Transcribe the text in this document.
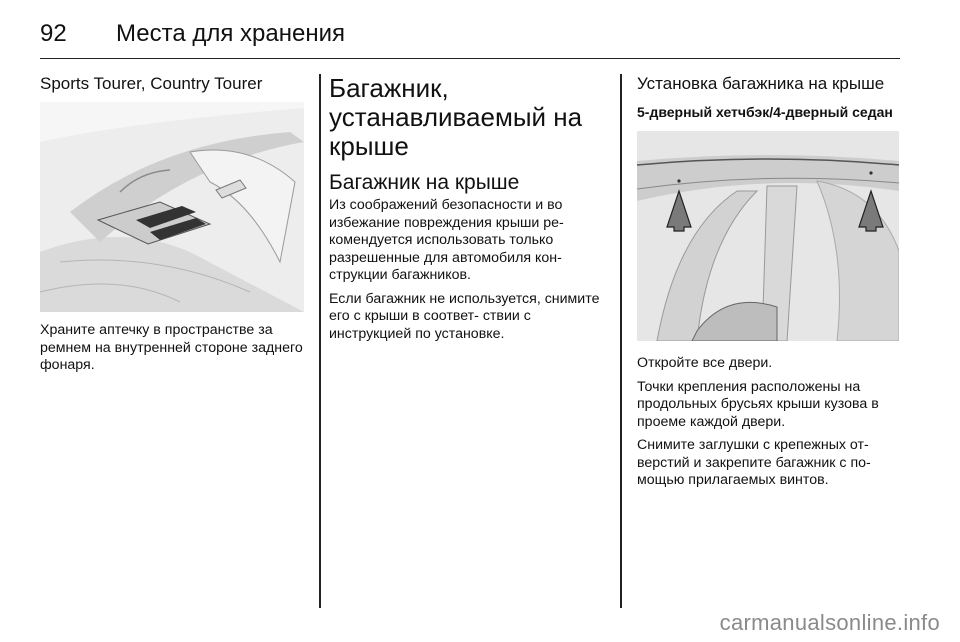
92 Места для хранения
Sports Tourer, Country Tourer

Храните аптечку в пространстве за ремнем на внутренней стороне заднего фонаря.

Багажник, устанавливаемый на крыше
Багажник на крыше

Из соображений безопасности и во избежание повреждения крыши ре- комендуется использовать только разрешенные для автомобиля кон- струкции багажников.

Если багажник не используется, снимите его с крыши в соответ- ствии с инструкцией по установке.

Установка багажника на крыше
5-дверный хетчбэк/4-дверный седан

Откройте все двери.

Точки крепления расположены на продольных брусьях крыши кузова в проеме каждой двери.

Снимите заглушки с крепежных от- верстий и закрепите багажник с по- мощью прилагаемых винтов.

carmanualsonline.info
